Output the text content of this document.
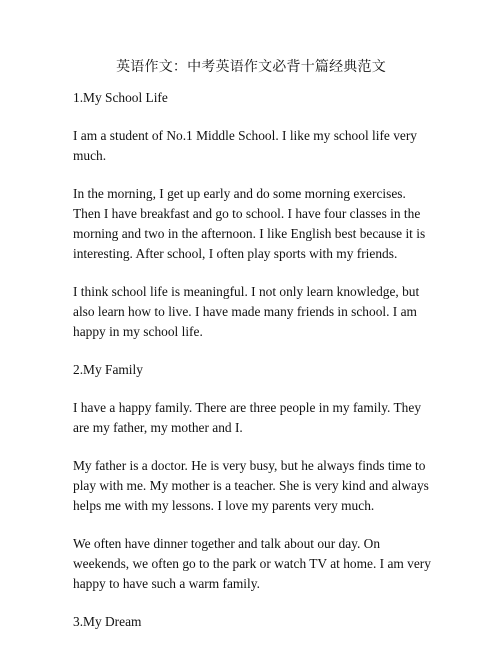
英语作文：中考英语作文必背十篇经典范文

1.My School Life

I am a student of No.1 Middle School. I like my school life very much.

In the morning, I get up early and do some morning exercises. Then I have breakfast and go to school. I have four classes in the morning and two in the afternoon. I like English best because it is interesting. After school, I often play sports with my friends.

I think school life is meaningful. I not only learn knowledge, but also learn how to live. I have made many friends in school. I am happy in my school life.

2.My Family

I have a happy family. There are three people in my family. They are my father, my mother and I.

My father is a doctor. He is very busy, but he always finds time to play with me. My mother is a teacher. She is very kind and always helps me with my lessons. I love my parents very much.

We often have dinner together and talk about our day. On weekends, we often go to the park or watch TV at home. I am very happy to have such a warm family.

3.My Dream
